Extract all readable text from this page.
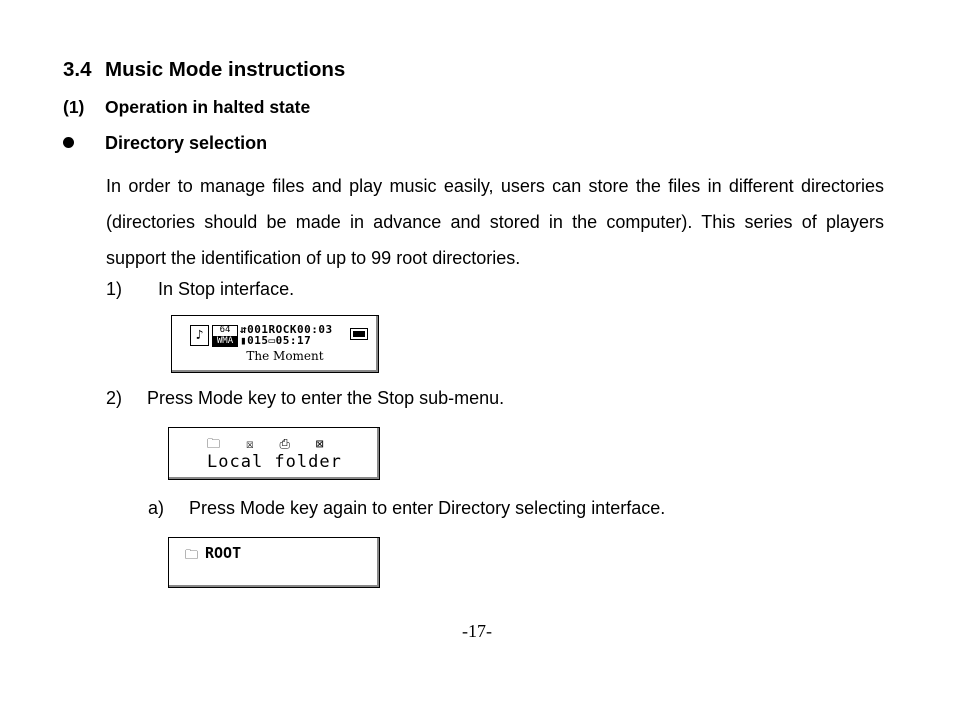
3.4 Music Mode instructions
(1) Operation in halted state
Directory selection
In order to manage files and play music easily, users can store the files in different directories (directories should be made in advance and stored in the computer). This series of players support the identification of up to 99 root directories.
1) In Stop interface.
♪	64
WMA
⇵001ROCK00:03
▮015▭05:17
The Moment
2) Press Mode key to enter the Stop sub-menu.
🗀 ☒ ⎙ ⊠
Local folder
a) Press Mode key again to enter Directory selecting interface.
🗀 ROOT
-17-
